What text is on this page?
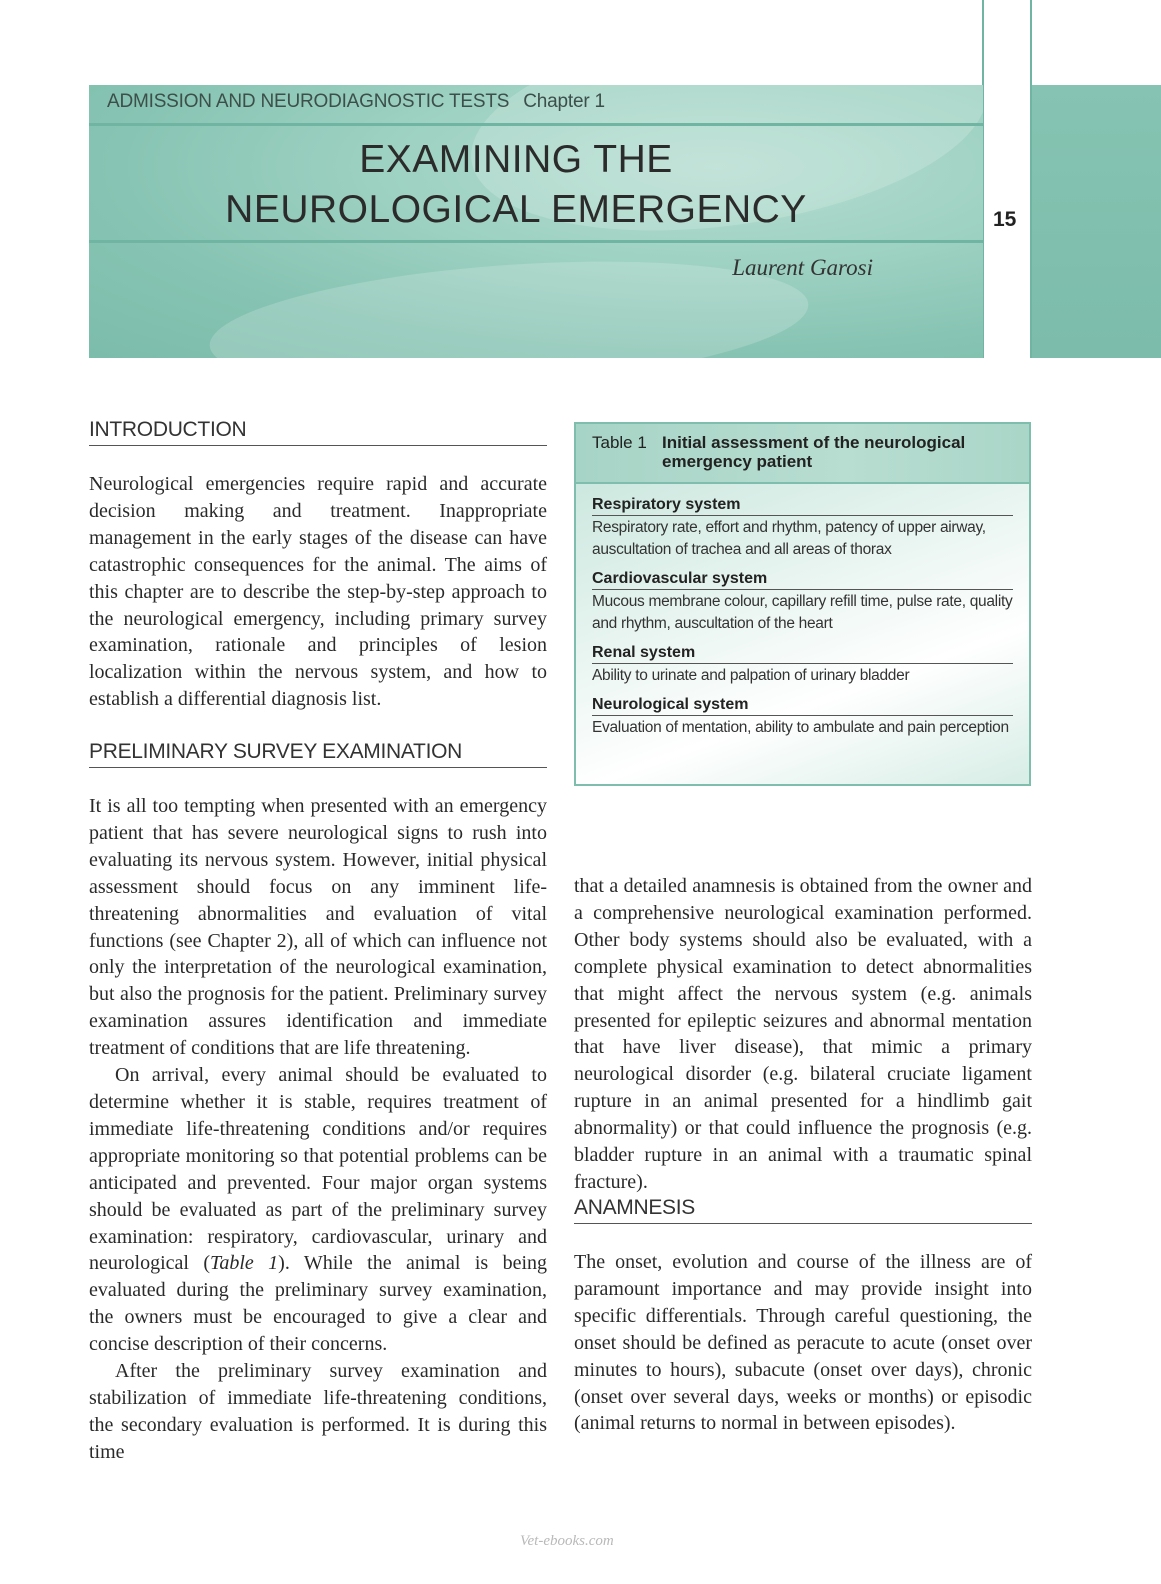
ADMISSION AND NEURODIAGNOSTIC TESTS Chapter 1
EXAMINING THE
NEUROLOGICAL EMERGENCY
Laurent Garosi
15
INTRODUCTION

Neurological emergencies require rapid and accurate decision making and treatment. Inappropriate management in the early stages of the disease can have catastrophic consequences for the animal. The aims of this chapter are to describe the step-by-step approach to the neurological emergency, including primary survey examination, rationale and principles of lesion localization within the nervous system, and how to establish a differential diagnosis list.

PRELIMINARY SURVEY EXAMINATION

It is all too tempting when presented with an emergency patient that has severe neurological signs to rush into evaluating its nervous system. However, initial physical assessment should focus on any imminent life-threatening abnormalities and evaluation of vital functions (see Chapter 2), all of which can influence not only the interpretation of the neurological examination, but also the prognosis for the patient. Preliminary survey examination assures identification and immediate treatment of conditions that are life threatening.

On arrival, every animal should be evaluated to determine whether it is stable, requires treatment of immediate life-threatening conditions and/or requires appropriate monitoring so that potential problems can be anticipated and prevented. Four major organ systems should be evaluated as part of the preliminary survey examination: respiratory, cardiovascular, urinary and neurological (Table 1). While the animal is being evaluated during the preliminary survey examination, the owners must be encouraged to give a clear and concise description of their concerns.

After the preliminary survey examination and stabilization of immediate life-threatening conditions, the secondary evaluation is performed. It is during this time

Table 1 Initial assessment of the neurological emergency patient
Respiratory system
Respiratory rate, effort and rhythm, patency of upper airway, auscultation of trachea and all areas of thorax
Cardiovascular system
Mucous membrane colour, capillary refill time, pulse rate, quality and rhythm, auscultation of the heart
Renal system
Ability to urinate and palpation of urinary bladder
Neurological system
Evaluation of mentation, ability to ambulate and pain perception

that a detailed anamnesis is obtained from the owner and a comprehensive neurological examination performed. Other body systems should also be evaluated, with a complete physical examination to detect abnormalities that might affect the nervous system (e.g. animals presented for epileptic seizures and abnormal mentation that have liver disease), that mimic a primary neurological disorder (e.g. bilateral cruciate ligament rupture in an animal presented for a hindlimb gait abnormality) or that could influence the prognosis (e.g. bladder rupture in an animal with a traumatic spinal fracture).

ANAMNESIS

The onset, evolution and course of the illness are of paramount importance and may provide insight into specific differentials. Through careful questioning, the onset should be defined as peracute to acute (onset over minutes to hours), subacute (onset over days), chronic (onset over several days, weeks or months) or episodic (animal returns to normal in between episodes).

Vet-ebooks.com
